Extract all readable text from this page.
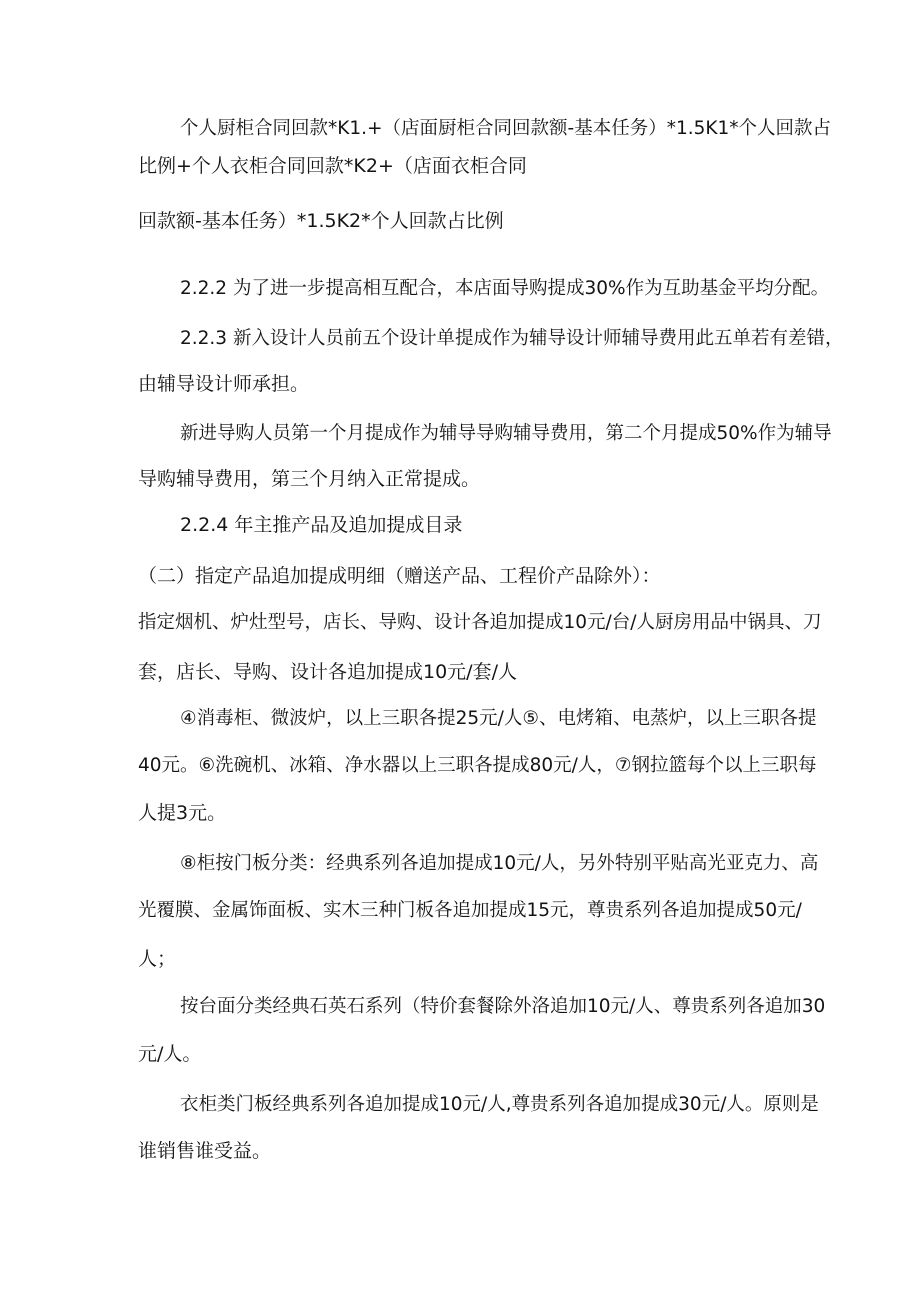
个人厨柜合同回款*K1.+（店面厨柜合同回款额-基本任务）*1.5K1*个人回款占
比例+个人衣柜合同回款*K2+（店面衣柜合同
回款额-基本任务）*1.5K2*个人回款占比例
2.2.2 为了进一步提高相互配合，本店面导购提成30%作为互助基金平均分配。
2.2.3 新入设计人员前五个设计单提成作为辅导设计师辅导费用此五单若有差错，
由辅导设计师承担。
新进导购人员第一个月提成作为辅导导购辅导费用，第二个月提成50%作为辅导
导购辅导费用，第三个月纳入正常提成。
2.2.4 年主推产品及追加提成目录
（二）指定产品追加提成明细（赠送产品、工程价产品除外）：
指定烟机、炉灶型号，店长、导购、设计各追加提成10元/台/人厨房用品中锅具、刀
套，店长、导购、设计各追加提成10元/套/人
④消毒柜、微波炉，以上三职各提25元/人⑤、电烤箱、电蒸炉，以上三职各提
40元。⑥洗碗机、冰箱、净水器以上三职各提成80元/人，⑦钢拉篮每个以上三职每
人提3元。
⑧柜按门板分类：经典系列各追加提成10元/人，另外特别平贴高光亚克力、高
光覆膜、金属饰面板、实木三种门板各追加提成15元，尊贵系列各追加提成50元/
人；
按台面分类经典石英石系列（特价套餐除外洛追加10元/人、尊贵系列各追加30
元/人。
衣柜类门板经典系列各追加提成10元/人,尊贵系列各追加提成30元/人。原则是
谁销售谁受益。
